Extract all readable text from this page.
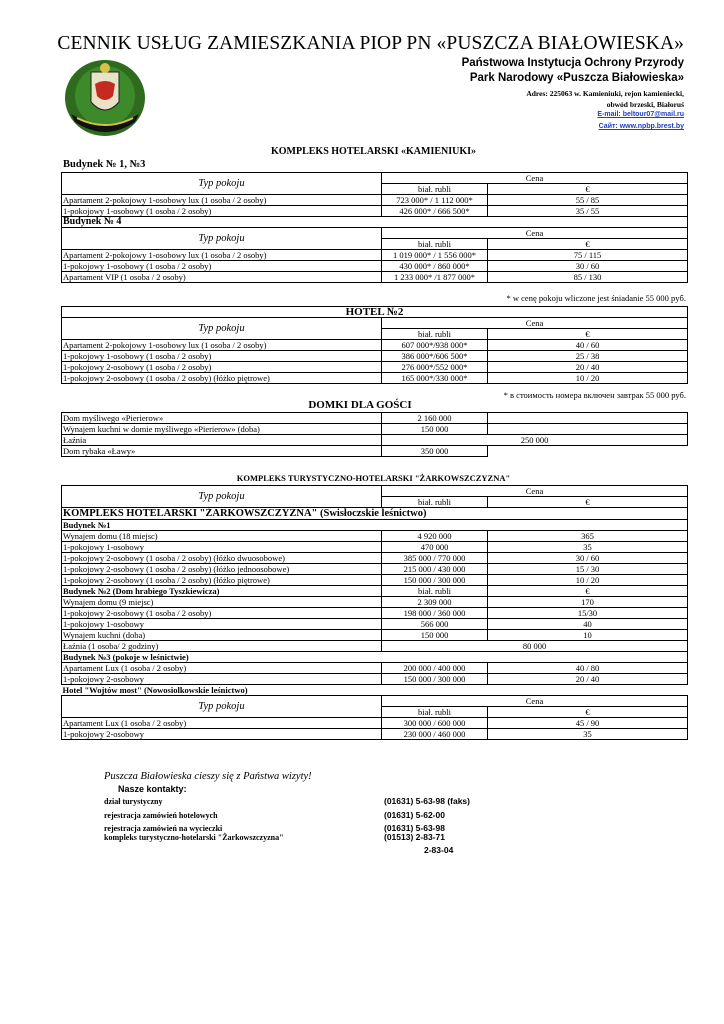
CENNIK USŁUG ZAMIESZKANIA PIOP PN «PUSZCZA BIAŁOWIESKA»
Państwowa Instytucja Ochrony Przyrody
Park Narodowy «Puszcza Białowieska»
Adres: 225063 w. Kamieniuki, rejon kamieniecki,
obwód brzeski, Białoruś
E-mail: beltour07@mail.ru
Сайт: www.npbp.brest.by
KOMPLEKS HOTELARSKI «KAMIENIUKI»
Budynek № 1, №3
Typ pokoju	Cena	
	biał. rubli	€
Apartament 2-pokojowy 1-osobowy lux (1 osoba / 2 osoby)	723 000* / 1 112 000*	55 / 85
1-pokojowy 1-osobowy (1 osoba / 2 osoby)	426 000* / 666 500*	35 / 55
Budynek № 4		
Typ pokoju	Cena	
	biał. rubli	€
Apartament 2-pokojowy 1-osobowy lux (1 osoba / 2 osoby)	1 019 000* / 1 556 000*	75 / 115
1-pokojowy 1-osobowy (1 osoba / 2 osoby)	430 000* / 860 000*	30 / 60
Apartament VIP (1 osoba / 2 osoby)	1 233 000* /1 877 000*	85 / 130
* w cenę pokoju wliczone jest śniadanie 55 000 pyб.
HOTEL №2		
Typ pokoju	Cena	
	biał. rubli	€
Apartament 2-pokojowy 1-osobowy lux (1 osoba / 2 osoby)	607 000*/938 000*	40 / 60
1-pokojowy 1-osobowy (1 osoba / 2 osoby)	386 000*/606 500*	25 / 38
1-pokojowy 2-osobowy (1 osoba / 2 osoby)	276 000*/552 000*	20 / 40
1-pokojowy 2-osobowy (1 osoba / 2 osoby) (łóżko piętrowe)	165 000*/330 000*	10 / 20
* в стоимость номера включен завтрак 55 000 руб.
DOMKI DLA GOŚCI
Dom myśliwego «Pierierow»	2 160 000	
Wynajem kuchni w domie myśliwego «Pierierow» (doba)	150 000	
Łaźnia	250 000	
Dom rybaka «Ławy»	350 000	
KOMPLEKS TURYSTYCZNO-HOTELARSKI "ŻARKOWSZCZYZNA"
Typ pokoju	Cena	
	biał. rubli	€
KOMPLEKS HOTELARSKI "ŻARKOWSZCZYZNA" (Swisłoczskie leśnictwo)		
Budynek №1		
Wynajem domu (18 miejsc)	4 920 000	365
1-pokojowy 1-osobowy	470 000	35
1-pokojowy 2-osobowy (1 osoba / 2 osoby) (łóżko dwuosobowe)	385 000 / 770 000	30 / 60
1-pokojowy 2-osobowy (1 osoba / 2 osoby) (łóżko jednoosobowe)	215 000 / 430 000	15 / 30
1-pokojowy 2-osobowy (1 osoba / 2 osoby) (łóżko piętrowe)	150 000 / 300 000	10 / 20
Budynek №2 (Dom hrabiego Tyszkiewicza)	biał. rubli	€
Wynajem domu (9 miejsc)	2 309 000	170
1-pokojowy 2-osobowy (1 osoba / 2 osoby)	198 000 / 360 000	15/30
1-pokojowy 1-osobowy	566 000	40
Wynajem kuchni (doba)	150 000	10
Łaźnia (1 osoba/ 2 godziny)	80 000	
Budynek №3 (pokoje w leśnictwie)		
Apartament Lux (1 osoba / 2 osoby)	200 000 / 400 000	40 / 80
1-pokojowy 2-osobowy	150 000 / 300 000	20 / 40
Hotel "Wojtów most" (Nowosiolkowskie leśnictwo)		
Typ pokoju	Cena	
	biał. rubli	€
Apartament Lux (1 osoba / 2 osoby)	300 000 / 600 000	45 / 90
1-pokojowy 2-osobowy	230 000 / 460 000	35
Puszcza Białowieska cieszy się z Państwa wizyty!
Nasze kontakty:
dział turystyczny	(01631) 5-63-98 (faks)
rejestracja zamówień hotelowych	(01631) 5-62-00
rejestracja zamówień na wycieczki	(01631) 5-63-98
kompleks turystyczno-hotelarski "Żarkowszczyzna"	(01513) 2-83-71
2-83-04
